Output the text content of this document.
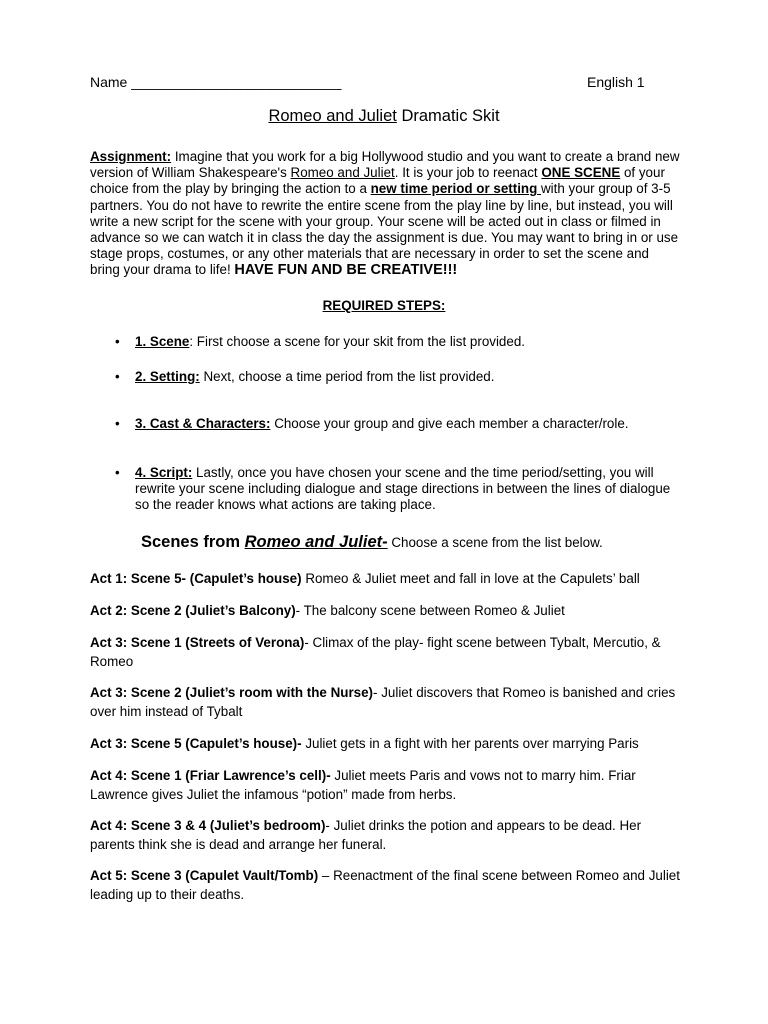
Name ___________________________	English 1
Romeo and Juliet Dramatic Skit
Assignment: Imagine that you work for a big Hollywood studio and you want to create a brand new version of William Shakespeare's Romeo and Juliet. It is your job to reenact ONE SCENE of your choice from the play by bringing the action to a new time period or setting with your group of 3-5 partners. You do not have to rewrite the entire scene from the play line by line, but instead, you will write a new script for the scene with your group. Your scene will be acted out in class or filmed in advance so we can watch it in class the day the assignment is due. You may want to bring in or use stage props, costumes, or any other materials that are necessary in order to set the scene and bring your drama to life! HAVE FUN AND BE CREATIVE!!!
REQUIRED STEPS:
• 1. Scene: First choose a scene for your skit from the list provided.
• 2. Setting: Next, choose a time period from the list provided.
• 3. Cast & Characters: Choose your group and give each member a character/role.
• 4. Script: Lastly, once you have chosen your scene and the time period/setting, you will rewrite your scene including dialogue and stage directions in between the lines of dialogue so the reader knows what actions are taking place.
Scenes from Romeo and Juliet- Choose a scene from the list below.
Act 1: Scene 5- (Capulet’s house) Romeo & Juliet meet and fall in love at the Capulets’ ball
Act 2: Scene 2 (Juliet’s Balcony)- The balcony scene between Romeo & Juliet
Act 3: Scene 1 (Streets of Verona)- Climax of the play- fight scene between Tybalt, Mercutio, & Romeo
Act 3: Scene 2 (Juliet’s room with the Nurse)- Juliet discovers that Romeo is banished and cries over him instead of Tybalt
Act 3: Scene 5 (Capulet’s house)- Juliet gets in a fight with her parents over marrying Paris
Act 4: Scene 1 (Friar Lawrence’s cell)- Juliet meets Paris and vows not to marry him. Friar Lawrence gives Juliet the infamous “potion” made from herbs.
Act 4: Scene 3 & 4 (Juliet’s bedroom)- Juliet drinks the potion and appears to be dead. Her parents think she is dead and arrange her funeral.
Act 5: Scene 3 (Capulet Vault/Tomb) – Reenactment of the final scene between Romeo and Juliet leading up to their deaths.
